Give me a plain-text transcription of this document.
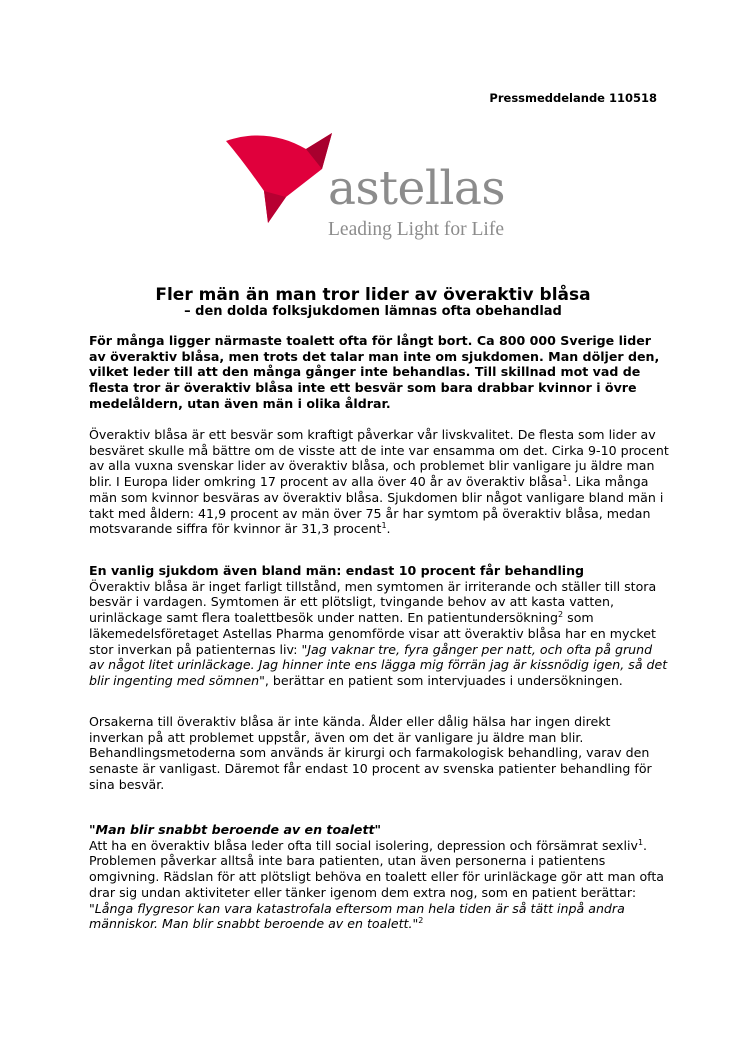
Pressmeddelande 110518
astellas
Leading Light for Life
Fler män än man tror lider av överaktiv blåsa
– den dolda folksjukdomen lämnas ofta obehandlad
För många ligger närmaste toalett ofta för långt bort. Ca 800 000 Sverige lider av överaktiv blåsa, men trots det talar man inte om sjukdomen. Man döljer den, vilket leder till att den många gånger inte behandlas. Till skillnad mot vad de flesta tror är överaktiv blåsa inte ett besvär som bara drabbar kvinnor i övre medelåldern, utan även män i olika åldrar.

Överaktiv blåsa är ett besvär som kraftigt påverkar vår livskvalitet. De flesta som lider av besväret skulle må bättre om de visste att de inte var ensamma om det. Cirka 9-10 procent av alla vuxna svenskar lider av överaktiv blåsa, och problemet blir vanligare ju äldre man blir. I Europa lider omkring 17 procent av alla över 40 år av överaktiv blåsa$^1$. Lika många män som kvinnor besväras av överaktiv blåsa. Sjukdomen blir något vanligare bland män i takt med åldern: 41,9 procent av män över 75 år har symtom på överaktiv blåsa, medan motsvarande siffra för kvinnor är 31,3 procent$^1$.

En vanlig sjukdom även bland män: endast 10 procent får behandling

Överaktiv blåsa är inget farligt tillstånd, men symtomen är irriterande och ställer till stora besvär i vardagen. Symtomen är ett plötsligt, tvingande behov av att kasta vatten, urinläckage samt flera toalettbesök under natten. En patientundersökning$^2$ som läkemedelsföretaget Astellas Pharma genomförde visar att överaktiv blåsa har en mycket stor inverkan på patienternas liv: "Jag vaknar tre, fyra gånger per natt, och ofta på grund av något litet urinläckage. Jag hinner inte ens lägga mig förrän jag är kissnödig igen, så det blir ingenting med sömnen", berättar en patient som intervjuades i undersökningen.

Orsakerna till överaktiv blåsa är inte kända. Ålder eller dålig hälsa har ingen direkt inverkan på att problemet uppstår, även om det är vanligare ju äldre man blir. Behandlingsmetoderna som används är kirurgi och farmakologisk behandling, varav den senaste är vanligast. Däremot får endast 10 procent av svenska patienter behandling för sina besvär.

"Man blir snabbt beroende av en toalett"

Att ha en överaktiv blåsa leder ofta till social isolering, depression och försämrat sexliv$^1$. Problemen påverkar alltså inte bara patienten, utan även personerna i patientens omgivning. Rädslan för att plötsligt behöva en toalett eller för urinläckage gör att man ofta drar sig undan aktiviteter eller tänker igenom dem extra nog, som en patient berättar: "Långa flygresor kan vara katastrofala eftersom man hela tiden är så tätt inpå andra människor. Man blir snabbt beroende av en toalett."$^2$
